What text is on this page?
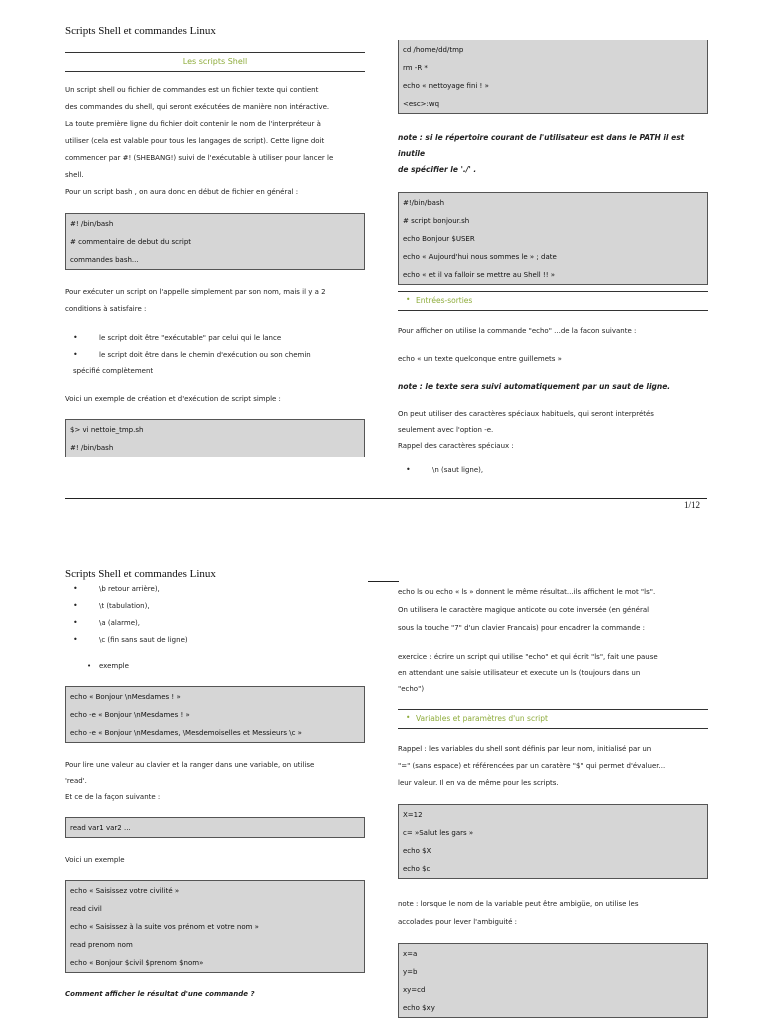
Scripts Shell et commandes Linux
Les scripts Shell
Un script shell ou fichier de commandes est un fichier texte qui contient
des commandes du shell, qui seront exécutées de manière non intéractive.
La toute première ligne du fichier doit contenir le nom de l'interpréteur à
utiliser (cela est valable pour tous les langages de script). Cette ligne doit
commencer par #! (SHEBANG!) suivi de l'exécutable à utiliser pour lancer le
shell.
Pour un script bash , on aura donc en début de fichier en général :
#! /bin/bash
# commentaire de debut du script
commandes bash...
Pour exécuter un script on l'appelle simplement par son nom, mais il y a 2
conditions à satisfaire :
•	le script doit être "exécutable" par celui qui le lance
•	le script doit être dans le chemin d'exécution ou son chemin
spécifié complètement
Voici un exemple de création et d'exécution de script simple :
$> vi nettoie_tmp.sh
#! /bin/bash
cd /home/dd/tmp
rm -R *
echo « nettoyage fini ! »
<esc>:wq
note : si le répertoire courant de l'utilisateur est dans le PATH il est inutile
de spécifier le './' .
#!/bin/bash
# script bonjour.sh
echo Bonjour $USER
echo « Aujourd'hui nous sommes le » ; date
echo « et il va falloir se mettre au Shell !! »
• Entrées-sorties
Pour afficher on utilise la commande "echo" ...de la facon suivante :
echo « un texte quelconque entre guillemets »
note : le texte sera suivi automatiquement par un saut de ligne.
On peut utiliser des caractères spéciaux habituels, qui seront interprétés
seulement avec l'option -e.
Rappel des caractères spéciaux :
•	\n (saut ligne),
1/12
Scripts Shell et commandes Linux
•	\b retour arrière),
•	\t (tabulation),
•	\a (alarme),
•	\c (fin sans saut de ligne)
• exemple
echo « Bonjour \nMesdames ! »
echo -e « Bonjour \nMesdames ! »
echo -e « Bonjour \nMesdames, \Mesdemoiselles et Messieurs \c »
Pour lire une valeur au clavier et la ranger dans une variable, on utilise
'read'.
Et ce de la façon suivante :
read var1 var2 ...
Voici un exemple
echo « Saisissez votre civilité »
read civil
echo « Saisissez à la suite vos prénom et votre nom »
read prenom nom
echo « Bonjour $civil $prenom $nom»
Comment afficher le résultat d'une commande ?
echo ls ou echo « ls » donnent le même résultat...ils affichent le mot "ls".
On utilisera le caractère magique anticote ou cote inversée (en général
sous la touche "7" d'un clavier Francais) pour encadrer la commande :
exercice : écrire un script qui utilise "echo" et qui écrit "ls", fait une pause
en attendant une saisie utilisateur et execute un ls (toujours dans un
"echo")
• Variables et paramètres d'un script
Rappel : les variables du shell sont définis par leur nom, initialisé par un
"=" (sans espace) et référencées par un caratère "$" qui permet d'évaluer...
leur valeur. Il en va de même pour les scripts.
X=12
c= »Salut les gars »
echo $X
echo $c
note : lorsque le nom de la variable peut être ambigüe, on utilise les
accolades pour lever l'ambiguité :
x=a
y=b
xy=cd
echo $xy
